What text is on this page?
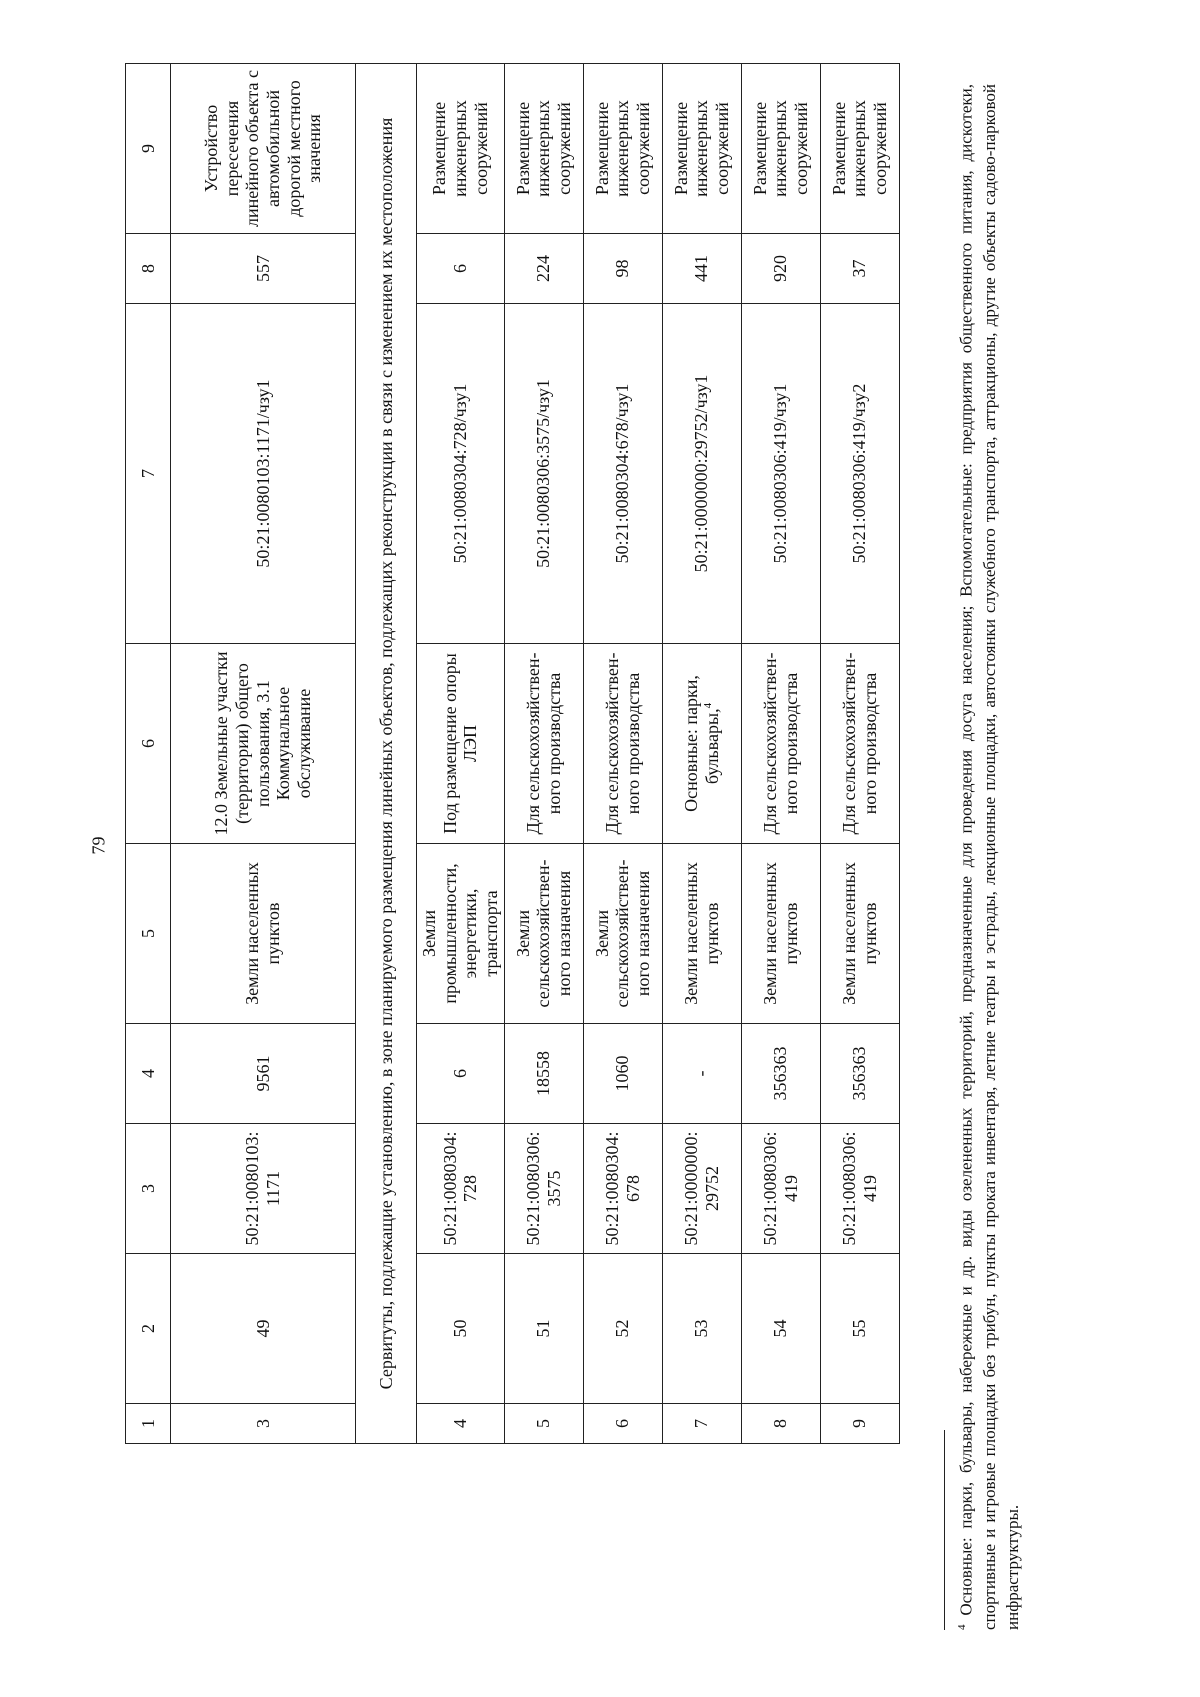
79
1	2	3	4	5	6	7	8	9
3	49	50:21:0080103: 1171	9561	Земли населенных пунктов	12.0 Земельные участки (территории) общего пользования, 3.1 Коммунальное обслуживание	50:21:0080103:1171/чзу1	557	Устройство пересечения линейного объекта с автомобильной дорогой местного значения
Сервитуты, подлежащие установлению, в зоне планируемого размещения линейных объектов, подлежащих реконструкции в связи с изменением их местоположения								
4	50	50:21:0080304: 728	6	Земли промышленности, энергетики, транспорта	Под размещение опоры ЛЭП	50:21:0080304:728/чзу1	6	Размещение инженерных сооружений
5	51	50:21:0080306: 3575	18558	Земли сельскохозяйствен-ного назначения	Для сельскохозяйствен-ного производства	50:21:0080306:3575/чзу1	224	Размещение инженерных сооружений
6	52	50:21:0080304: 678	1060	Земли сельскохозяйствен-ного назначения	Для сельскохозяйствен-ного производства	50:21:0080304:678/чзу1	98	Размещение инженерных сооружений
7	53	50:21:0000000: 29752	-	Земли населенных пунктов	Основные: парки, бульвары,$^4$	50:21:0000000:29752/чзу1	441	Размещение инженерных сооружений
8	54	50:21:0080306: 419	356363	Земли населенных пунктов	Для сельскохозяйствен-ного производства	50:21:0080306:419/чзу1	920	Размещение инженерных сооружений
9	55	50:21:0080306: 419	356363	Земли населенных пунктов	Для сельскохозяйствен-ного производства	50:21:0080306:419/чзу2	37	Размещение инженерных сооружений
$^4$ Основные: парки, бульвары, набережные и др. виды озелененных территорий, предназначенные для проведения досуга населения; Вспомогательные: предприятия общественного питания, дискотеки, спортивные и игровые площадки без трибун, пункты проката инвентаря, летние театры и эстрады, лекционные площадки, автостоянки служебного транспорта, аттракционы, другие объекты садово-парковой инфраструктуры.
